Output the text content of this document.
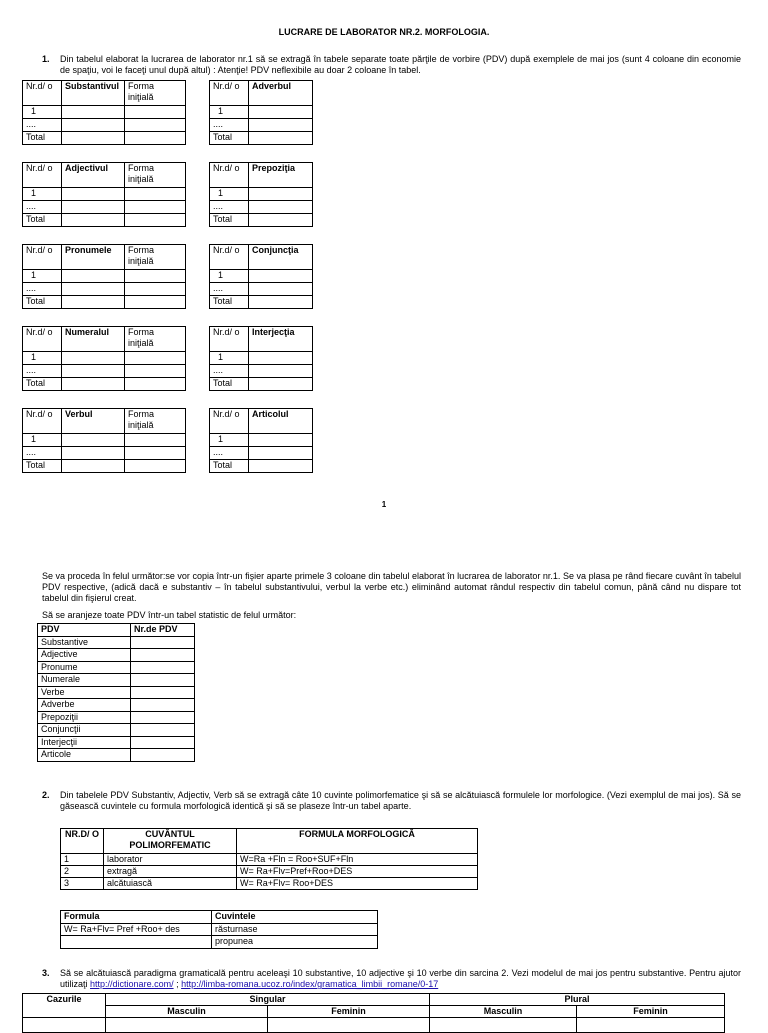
LUCRARE DE LABORATOR NR.2. MORFOLOGIA.
1. Din tabelul elaborat la lucrarea de laborator nr.1 să se extragă în tabele separate toate părţile de vorbire (PDV) după exemplele de mai jos (sunt 4 coloane din economie de spaţiu, voi le faceţi unul după altul) : Atenţie! PDV neflexibile au doar 2 coloane în tabel.
Nr.d/ o	Substantivul	Forma iniţială
1		
....		
Total		
Nr.d/ o	Adjectivul	Forma iniţială
1		
....		
Total		
Nr.d/ o	Pronumele	Forma iniţială
1		
....		
Total		
Nr.d/ o	Numeralul	Forma iniţială
1		
....		
Total		
Nr.d/ o	Verbul	Forma iniţială
1		
....		
Total		
Nr.d/ o	Adverbul
1	
....	
Total	
Nr.d/ o	Prepoziţia
1	
....	
Total	
Nr.d/ o	Conjuncţia
1	
....	
Total	
Nr.d/ o	Interjecţia
1	
....	
Total	
Nr.d/ o	Articolul
1	
....	
Total	
1
Se va proceda în felul următor:se vor copia într-un fişier aparte primele 3 coloane din tabelul elaborat în lucrarea de laborator nr.1. Se va plasa pe rând fiecare cuvânt în tabelul PDV respective, (adică dacă e substantiv – în tabelul substantivului, verbul la verbe etc.) eliminând automat rândul respectiv din tabelul comun, până când nu dispare tot tabelul din fişierul creat.
Să se aranjeze toate PDV într-un tabel statistic de felul următor:
PDV	Nr.de PDV
Substantive	
Adjective	
Pronume	
Numerale	
Verbe	
Adverbe	
Prepoziţii	
Conjuncţii	
Interjecţii	
Articole	
2. Din tabelele PDV Substantiv, Adjectiv, Verb să se extragă câte 10 cuvinte polimorfematice şi să se alcătuiască formulele lor morfologice. (Vezi exemplul de mai jos). Să se găsească cuvintele cu formula morfologică identică şi să se plaseze într-un tabel aparte.
NR.D/ O	CUVÂNTUL POLIMORFEMATIC	FORMULA MORFOLOGICĂ
1	laborator	W=Ra +Fln = Roo+SUF+Fln
2	extragă	W= Ra+Flv=Pref+Roo+DES
3	alcătuiască	W= Ra+Flv= Roo+DES
Formula	Cuvintele
W= Ra+Flv= Pref +Roo+ des	răsturnase
	propunea
3. Să se alcătuiască paradigma gramaticală pentru aceleaşi 10 substantive, 10 adjective şi 10 verbe din sarcina 2. Vezi modelul de mai jos pentru substantive. Pentru ajutor utilizaţi http://dictionare.com/ ; http://limba-romana.ucoz.ro/index/gramatica_limbii_romane/0-17
Cazurile	Singular		Plural	
	Masculin	Feminin	Masculin	Feminin
